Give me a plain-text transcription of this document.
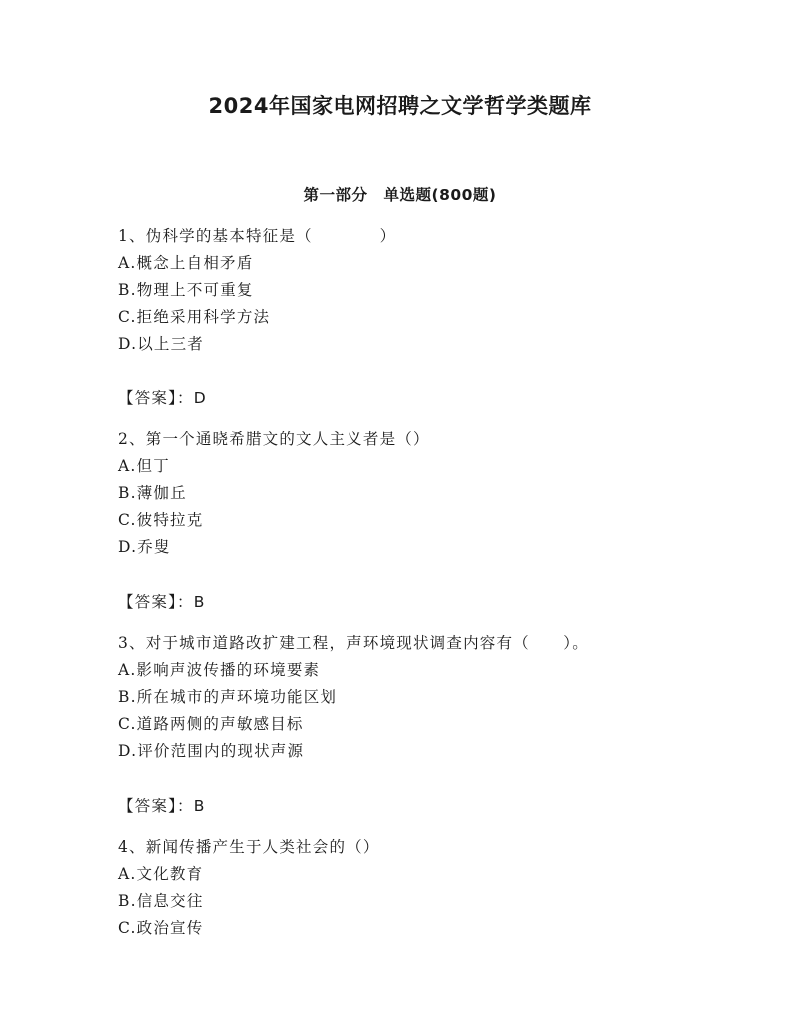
2024年国家电网招聘之文学哲学类题库
第一部分　单选题(800题)
1、伪科学的基本特征是（　　　　）
A.概念上自相矛盾
B.物理上不可重复
C.拒绝采用科学方法
D.以上三者
【答案】：D
2、第一个通晓希腊文的文人主义者是（）
A.但丁
B.薄伽丘
C.彼特拉克
D.乔叟
【答案】：B
3、对于城市道路改扩建工程，声环境现状调查内容有（　　）。
A.影响声波传播的环境要素
B.所在城市的声环境功能区划
C.道路两侧的声敏感目标
D.评价范围内的现状声源
【答案】：B
4、新闻传播产生于人类社会的（）
A.文化教育
B.信息交往
C.政治宣传
